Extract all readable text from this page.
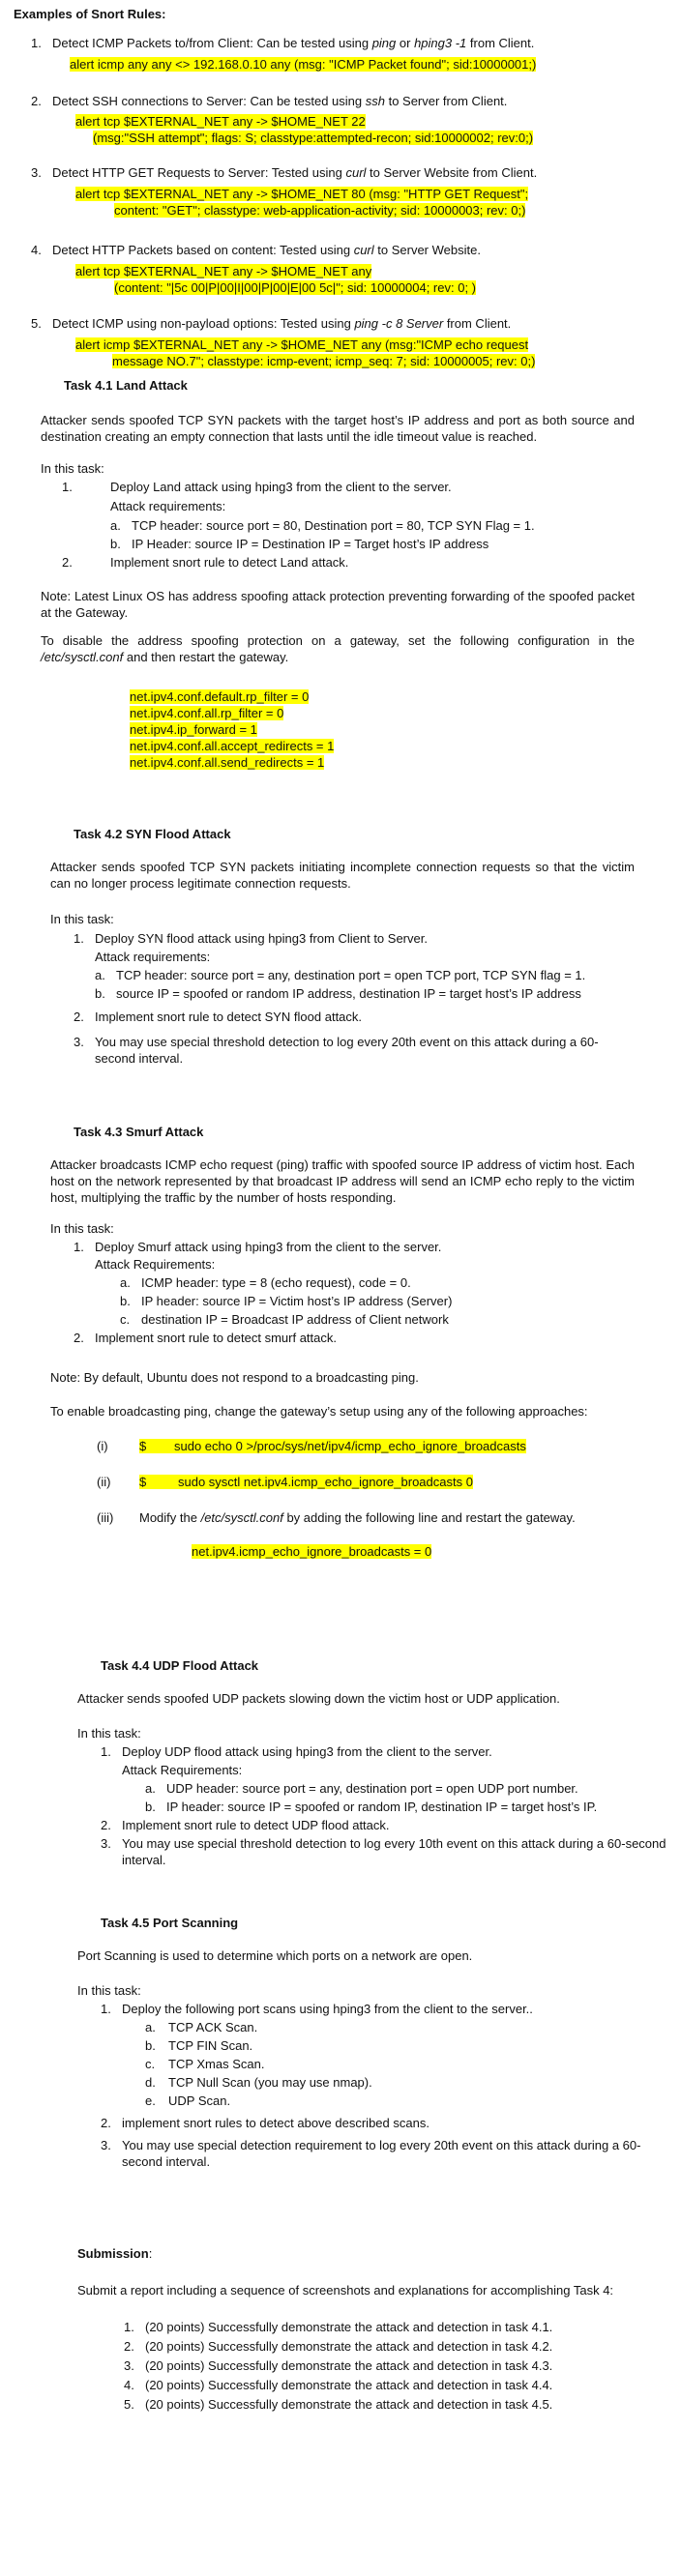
Examples of Snort Rules:
1. Detect ICMP Packets to/from Client: Can be tested using ping or hping3 -1 from Client.
alert icmp any any <> 192.168.0.10 any (msg: "ICMP Packet found"; sid:10000001;)
2. Detect SSH connections to Server: Can be tested using ssh to Server from Client.
alert tcp $EXTERNAL_NET any -> $HOME_NET 22
(msg:"SSH attempt"; flags: S; classtype:attempted-recon; sid:10000002; rev:0;)
3. Detect HTTP GET Requests to Server: Tested using curl to Server Website from Client.
alert tcp $EXTERNAL_NET any -> $HOME_NET 80 (msg: "HTTP GET Request";
content: "GET"; classtype: web-application-activity; sid: 10000003; rev: 0;)
4. Detect HTTP Packets based on content: Tested using curl to Server Website.
alert tcp $EXTERNAL_NET any -> $HOME_NET any
(content: "|5c 00|P|00|I|00|P|00|E|00 5c|"; sid: 10000004; rev: 0; )
5. Detect ICMP using non-payload options: Tested using ping -c 8 Server from Client.
alert icmp $EXTERNAL_NET any -> $HOME_NET any (msg:"ICMP echo request
message NO.7"; classtype: icmp-event; icmp_seq: 7; sid: 10000005; rev: 0;)
Task 4.1 Land Attack

Attacker sends spoofed TCP SYN packets with the target host’s IP address and port as both source and destination creating an empty connection that lasts until the idle timeout value is reached.

In this task:
1.	Deploy Land attack using hping3 from the client to the server.
Attack requirements:
a. TCP header: source port = 80, Destination port = 80, TCP SYN Flag = 1.
b. IP Header: source IP = Destination IP = Target host’s IP address
2.	Implement snort rule to detect Land attack.

Note: Latest Linux OS has address spoofing attack protection preventing forwarding of the spoofed packet at the Gateway.

To disable the address spoofing protection on a gateway, set the following configuration in the /etc/sysctl.conf and then restart the gateway.

net.ipv4.conf.default.rp_filter = 0
net.ipv4.conf.all.rp_filter = 0
net.ipv4.ip_forward = 1
net.ipv4.conf.all.accept_redirects = 1
net.ipv4.conf.all.send_redirects = 1
Task 4.2 SYN Flood Attack

Attacker sends spoofed TCP SYN packets initiating incomplete connection requests so that the victim can no longer process legitimate connection requests.

In this task:
1. Deploy SYN flood attack using hping3 from Client to Server.
Attack requirements:
a. TCP header: source port = any, destination port = open TCP port, TCP SYN flag = 1.
b. source IP = spoofed or random IP address, destination IP = target host’s IP address
2. Implement snort rule to detect SYN flood attack.
3. You may use special threshold detection to log every 20th event on this attack during a 60-second interval.
Task 4.3 Smurf Attack

Attacker broadcasts ICMP echo request (ping) traffic with spoofed source IP address of victim host. Each host on the network represented by that broadcast IP address will send an ICMP echo reply to the victim host, multiplying the traffic by the number of hosts responding.

In this task:
1. Deploy Smurf attack using hping3 from the client to the server.
Attack Requirements:
a. ICMP header: type = 8 (echo request), code = 0.
b. IP header: source IP = Victim host’s IP address (Server)
c. destination IP = Broadcast IP address of Client network
2. Implement snort rule to detect smurf attack.
Note: By default, Ubuntu does not respond to a broadcasting ping.
To enable broadcasting ping, change the gateway’s setup using any of the following approaches:
(i) $ sudo echo 0 >/proc/sys/net/ipv4/icmp_echo_ignore_broadcasts
(ii) $	sudo sysctl net.ipv4.icmp_echo_ignore_broadcasts 0
(iii) Modify the /etc/sysctl.conf by adding the following line and restart the gateway.
net.ipv4.icmp_echo_ignore_broadcasts = 0
Task 4.4 UDP Flood Attack
Attacker sends spoofed UDP packets slowing down the victim host or UDP application.
In this task:
1. Deploy UDP flood attack using hping3 from the client to the server.
Attack Requirements:
a. UDP header: source port = any, destination port = open UDP port number.
b. IP header: source IP = spoofed or random IP, destination IP = target host’s IP.
2. Implement snort rule to detect UDP flood attack.
3. You may use special threshold detection to log every 10th event on this attack during a 60-second interval.
Task 4.5 Port Scanning
Port Scanning is used to determine which ports on a network are open.
In this task:
1. Deploy the following port scans using hping3 from the client to the server..
a. TCP ACK Scan.
b. TCP FIN Scan.
c. TCP Xmas Scan.
d. TCP Null Scan (you may use nmap).
e. UDP Scan.
2. implement snort rules to detect above described scans.
3. You may use special detection requirement to log every 20th event on this attack during a 60-second interval.
Submission:
Submit a report including a sequence of screenshots and explanations for accomplishing Task 4:
1. (20 points) Successfully demonstrate the attack and detection in task 4.1.
2. (20 points) Successfully demonstrate the attack and detection in task 4.2.
3. (20 points) Successfully demonstrate the attack and detection in task 4.3.
4. (20 points) Successfully demonstrate the attack and detection in task 4.4.
5. (20 points) Successfully demonstrate the attack and detection in task 4.5.
